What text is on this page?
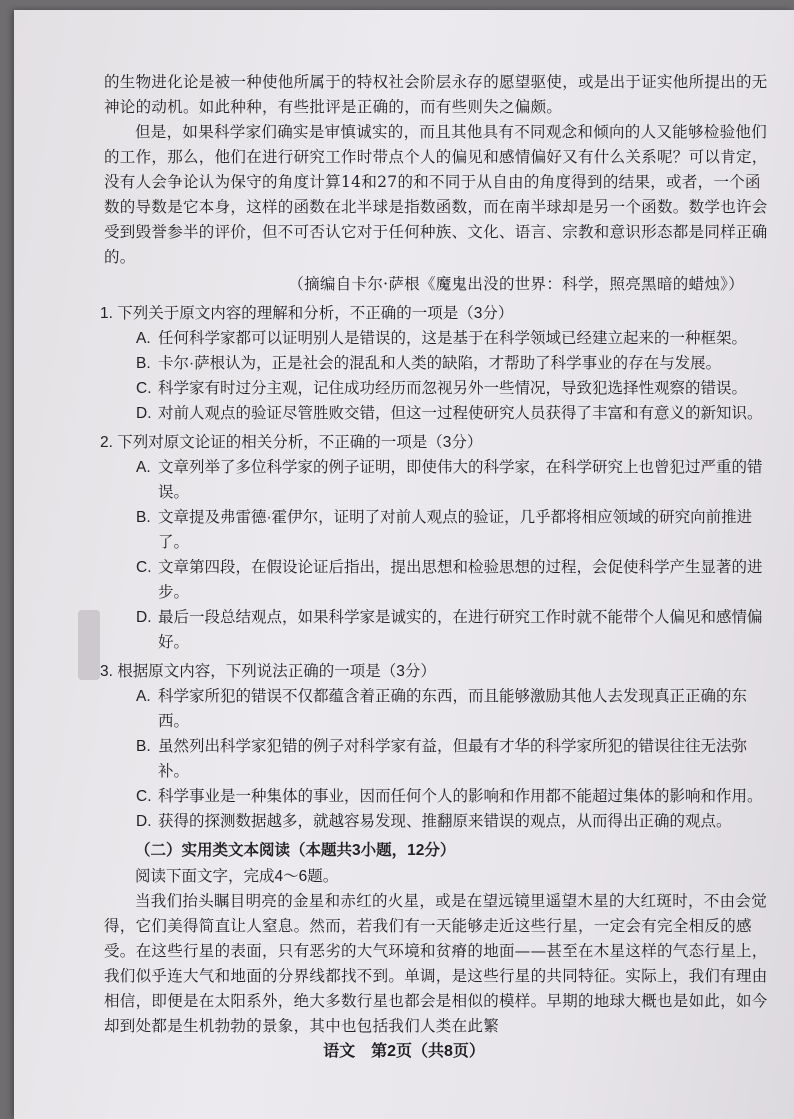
的生物进化论是被一种使他所属于的特权社会阶层永存的愿望驱使，或是出于证实他所提出的无神论的动机。如此种种，有些批评是正确的，而有些则失之偏颇。

但是，如果科学家们确实是审慎诚实的，而且其他具有不同观念和倾向的人又能够检验他们的工作，那么，他们在进行研究工作时带点个人的偏见和感情偏好又有什么关系呢？可以肯定，没有人会争论认为保守的角度计算14和27的和不同于从自由的角度得到的结果，或者，一个函数的导数是它本身，这样的函数在北半球是指数函数，而在南半球却是另一个函数。数学也许会受到毁誉参半的评价，但不可否认它对于任何种族、文化、语言、宗教和意识形态都是同样正确的。

（摘编自卡尔·萨根《魔鬼出没的世界：科学，照亮黑暗的蜡烛》）

1. 下列关于原文内容的理解和分析，不正确的一项是（3分）

A. 任何科学家都可以证明别人是错误的，这是基于在科学领域已经建立起来的一种框架。

B. 卡尔·萨根认为，正是社会的混乱和人类的缺陷，才帮助了科学事业的存在与发展。

C. 科学家有时过分主观，记住成功经历而忽视另外一些情况，导致犯选择性观察的错误。

D. 对前人观点的验证尽管胜败交错，但这一过程使研究人员获得了丰富和有意义的新知识。

2. 下列对原文论证的相关分析，不正确的一项是（3分）

A. 文章列举了多位科学家的例子证明，即使伟大的科学家，在科学研究上也曾犯过严重的错误。

B. 文章提及弗雷德·霍伊尔，证明了对前人观点的验证，几乎都将相应领域的研究向前推进了。

C. 文章第四段，在假设论证后指出，提出思想和检验思想的过程，会促使科学产生显著的进步。

D. 最后一段总结观点，如果科学家是诚实的，在进行研究工作时就不能带个人偏见和感情偏好。

3. 根据原文内容，下列说法正确的一项是（3分）

A. 科学家所犯的错误不仅都蕴含着正确的东西，而且能够激励其他人去发现真正正确的东西。

B. 虽然列出科学家犯错的例子对科学家有益，但最有才华的科学家所犯的错误往往无法弥补。

C. 科学事业是一种集体的事业，因而任何个人的影响和作用都不能超过集体的影响和作用。

D. 获得的探测数据越多，就越容易发现、推翻原来错误的观点，从而得出正确的观点。

（二）实用类文本阅读（本题共3小题，12分）

阅读下面文字，完成4～6题。

当我们抬头瞩目明亮的金星和赤红的火星，或是在望远镜里遥望木星的大红斑时，不由会觉得，它们美得简直让人窒息。然而，若我们有一天能够走近这些行星，一定会有完全相反的感受。在这些行星的表面，只有恶劣的大气环境和贫瘠的地面——甚至在木星这样的气态行星上，我们似乎连大气和地面的分界线都找不到。单调，是这些行星的共同特征。实际上，我们有理由相信，即便是在太阳系外，绝大多数行星也都会是相似的模样。早期的地球大概也是如此，如今却到处都是生机勃勃的景象，其中也包括我们人类在此繁

语文　第2页（共8页）
